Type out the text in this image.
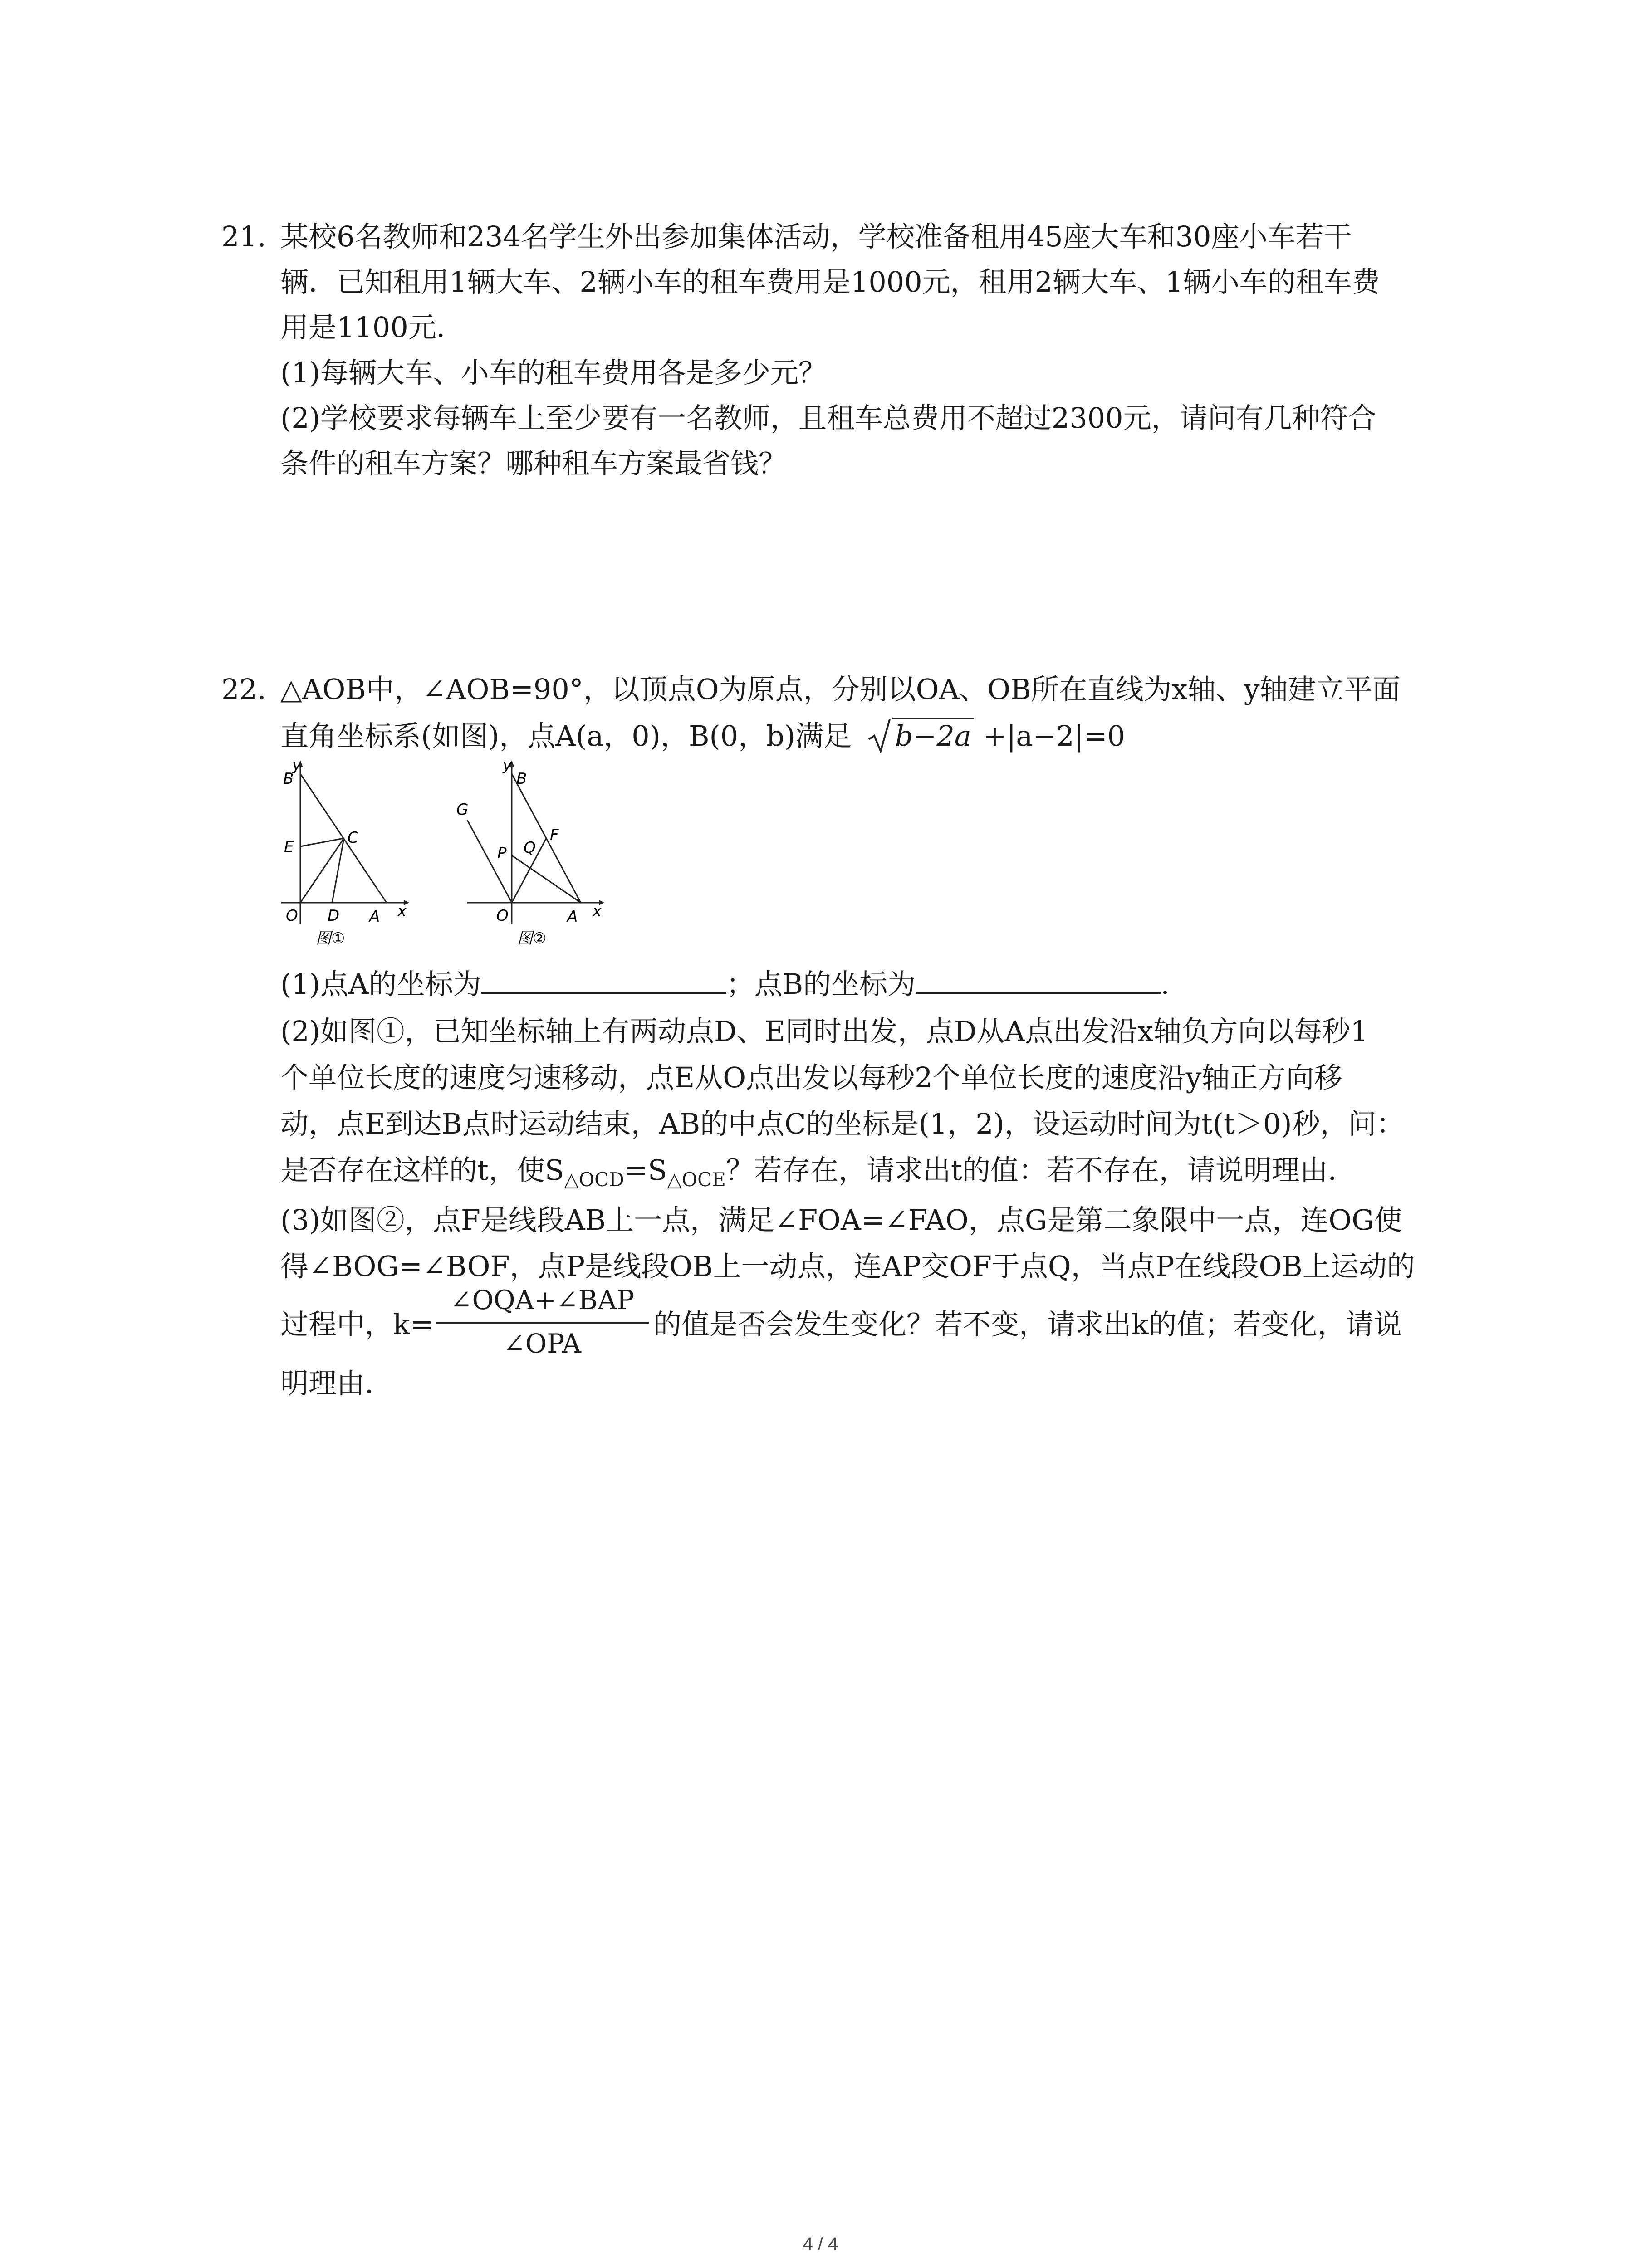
21. 某校6名教师和234名学生外出参加集体活动，学校准备租用45座大车和30座小车若干
辆．已知租用1辆大车、2辆小车的租车费用是1000元，租用2辆大车、1辆小车的租车费
用是1100元．
(1)每辆大车、小车的租车费用各是多少元？
(2)学校要求每辆车上至少要有一名教师，且租车总费用不超过2300元，请问有几种符合
条件的租车方案？哪种租车方案最省钱？
22. △AOB中，∠AOB=90°，以顶点O为原点，分别以OA、OB所在直线为x轴、y轴建立平面
直角坐标系(如图)，点A(a，0)，B(0，b)满足 b−2a +|a−2|=0
y
B
E	C
O D A x
图①
y
B
G
P Q
F
O	A x
图②
(1)点A的坐标为	；点B的坐标为	.
(2)如图①，已知坐标轴上有两动点D、E同时出发，点D从A点出发沿x轴负方向以每秒1
个单位长度的速度匀速移动，点E从O点出发以每秒2个单位长度的速度沿y轴正方向移
动，点E到达B点时运动结束，AB的中点C的坐标是(1，2)，设运动时间为t(t＞0)秒，问：
是否存在这样的t，使$S_{\triangle OCD}=S_{\triangle OCE}$？若存在，请求出t的值：若不存在，请说明理由．
(3)如图②，点F是线段AB上一点，满足∠FOA=∠FAO，点G是第二象限中一点，连OG使
得∠BOG=∠BOF，点P是线段OB上一动点，连AP交OF于点Q，当点P在线段OB上运动的
过程中，k=
∠OQA+∠BAP
∠OPA
的值是否会发生变化？若不变，请求出k的值；若变化，请说
明理由．
4 / 4
